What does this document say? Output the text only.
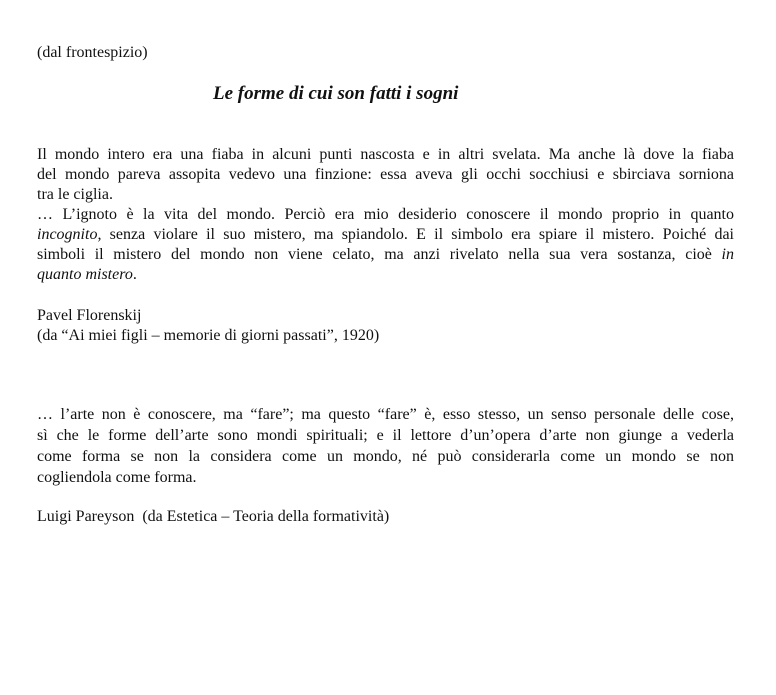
(dal frontespizio)
Le forme di cui son fatti i sogni
Il mondo intero era una fiaba in alcuni punti nascosta e in altri svelata. Ma anche là dove la fiaba
del mondo pareva assopita vedevo una finzione: essa aveva gli occhi socchiusi e sbirciava sorniona
tra le ciglia.
… L’ignoto è la vita del mondo. Perciò era mio desiderio conoscere il mondo proprio in quanto
incognito, senza violare il suo mistero, ma spiandolo. E il simbolo era spiare il mistero. Poiché dai
simboli il mistero del mondo non viene celato, ma anzi rivelato nella sua vera sostanza, cioè in
quanto mistero.
Pavel Florenskij
(da “Ai miei figli – memorie di giorni passati”, 1920)
… l’arte non è conoscere, ma “fare”; ma questo “fare” è, esso stesso, un senso personale delle cose,
sì che le forme dell’arte sono mondi spirituali; e il lettore d’un’opera d’arte non giunge a vederla
come forma se non la considera come un mondo, né può considerarla come un mondo se non
cogliendola come forma.
Luigi Pareyson  (da Estetica – Teoria della formatività)
